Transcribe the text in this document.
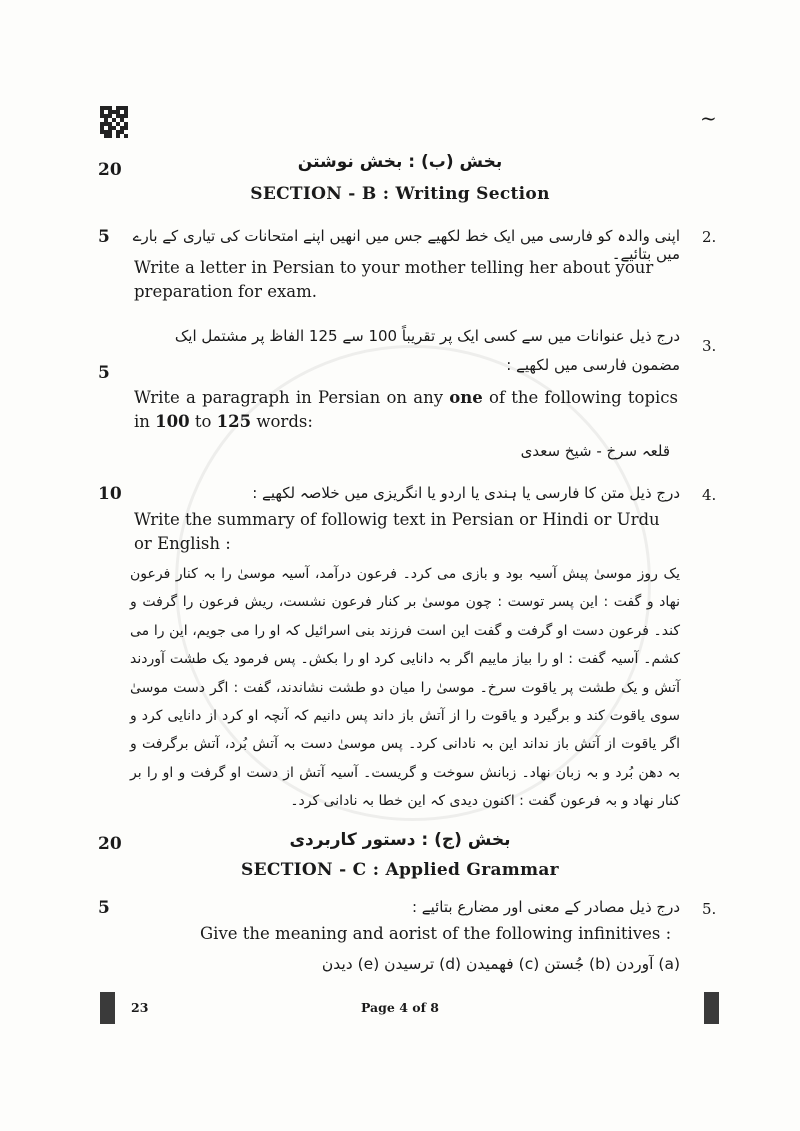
~
20	بخش (ب) : بخش نوشتن
SECTION - B : Writing Section
5	2.
اپنی والدہ کو فارسی میں ایک خط لکھیے جس میں انھیں اپنے امتحانات کی تیاری کے بارے میں بتائیے۔
Write a letter in Persian to your mother telling her about your preparation for exam.
3.
درج ذیل عنوانات میں سے کسی ایک پر تقریباً 100 سے 125 الفاظ پر مشتمل ایک مضمون فارسی میں لکھیے :
5
Write a paragraph in Persian on any one of the following topics in 100 to 125 words:
قلعہ سرخ - شیخ سعدی
10	4.
درج ذیل متن کا فارسی یا ہندی یا اردو یا انگریزی میں خلاصہ لکھیے :
Write the summary of followig text in Persian or Hindi or Urdu or English :
یک روز موسیٰ پیش آسیہ بود و بازی می کرد۔ فرعون درآمد، آسیہ موسیٰ را بہ کنار فرعون نھاد و گفت : این پسر توست : چون موسیٰ بر کنار فرعون نشست، ریش فرعون را گرفت و کند۔ فرعون دست او گرفت و گفت این است فرزند بنی اسرائیل کہ او را می جویم، این را می کشم۔ آسیہ گفت : او را بیاز ماییم اگر بہ دانایی کرد او را بکش۔ پس فرمود یک طشت آوردند آتش و یک طشت پر یاقوت سرخ۔ موسیٰ را میان دو طشت نشاندند، گفت : اگر دست موسیٰ سوی یاقوت کند و برگیرد و یاقوت را از آتش باز داند پس دانیم کہ آنچہ او کرد از دانایی کرد و اگر یاقوت از آتش باز نداند این بہ نادانی کرد۔ پس موسیٰ دست بہ آتش بُرد، آتش برگرفت و بہ دھن بُرد و بہ زبان نھاد۔ زبانش سوخت و گریست۔ آسیہ آتش از دست او گرفت و او را بر کنار نھاد و بہ فرعون گفت : اکنون دیدی کہ این خطا بہ نادانی کرد۔
20	بخش (ج) : دستور کاربردی
SECTION - C : Applied Grammar
5	5.
درج ذیل مصادر کے معنی اور مضارع بتائیے :
Give the meaning and aorist of the following infinitives :
(a) آوردن (b) جُستن (c) فھمیدن (d) ترسیدن (e) دیدن
23	Page 4 of 8
